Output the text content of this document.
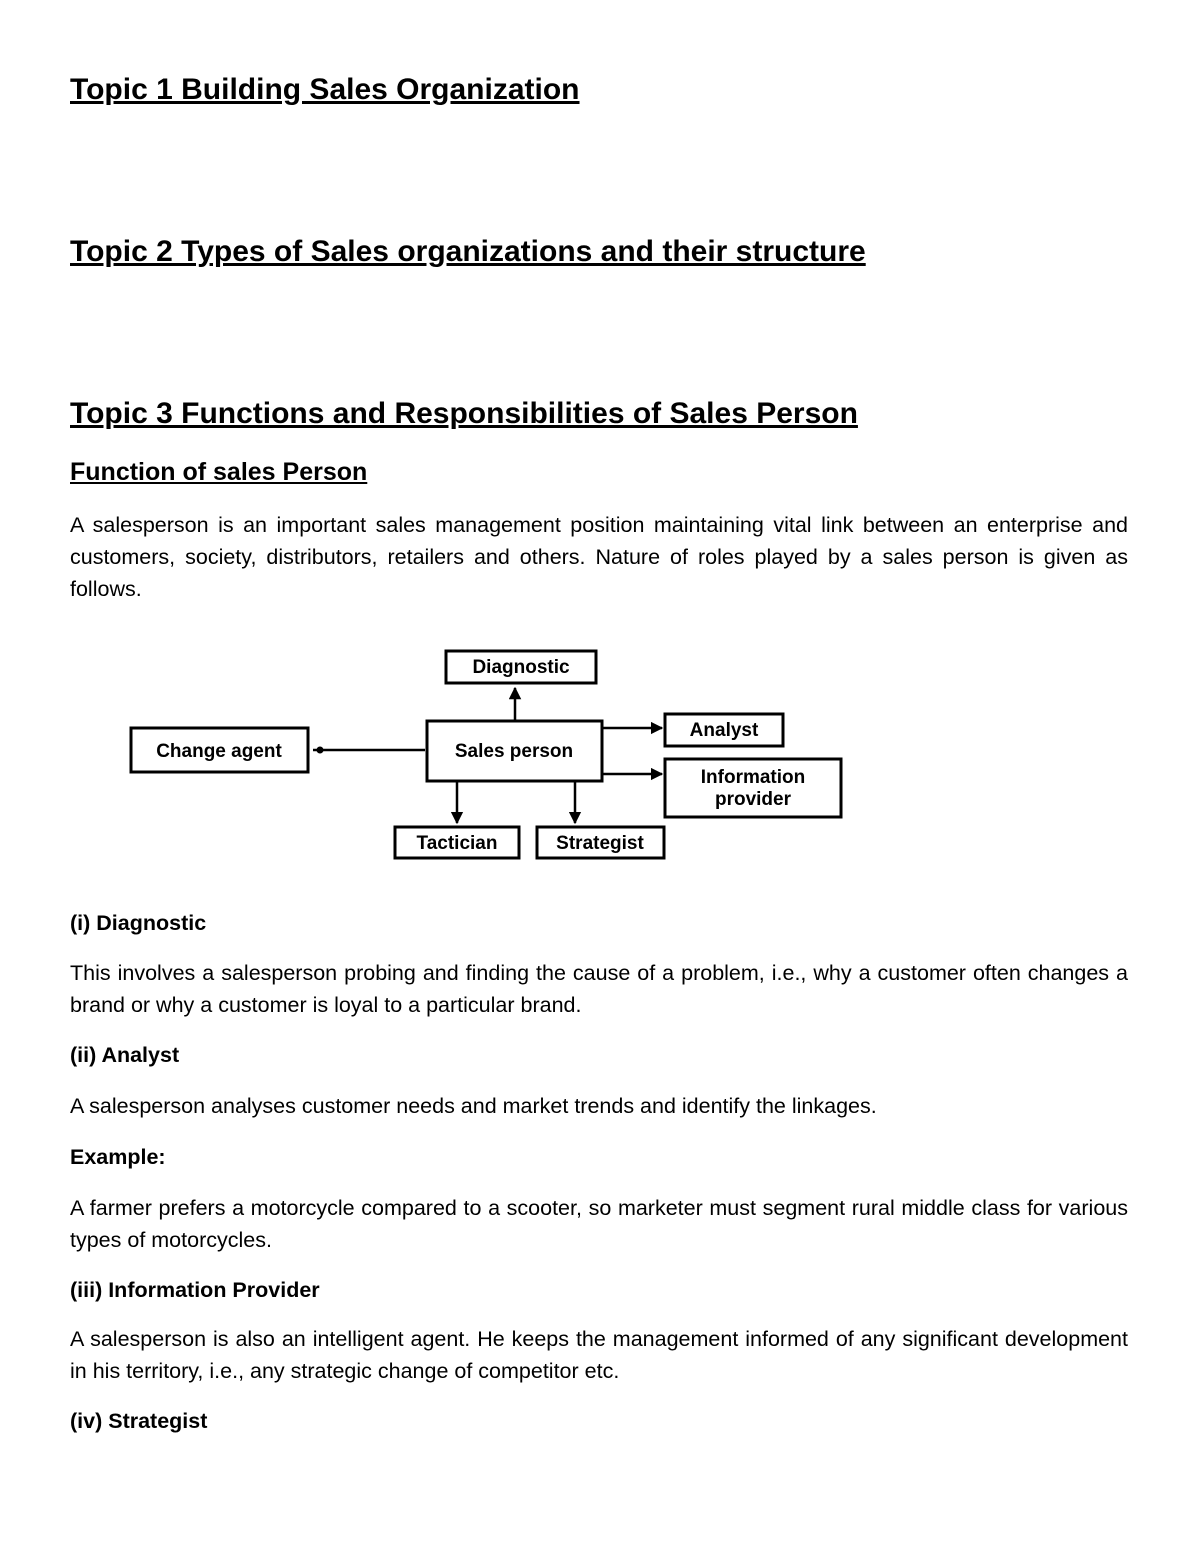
Topic 1 Building Sales Organization
Topic 2 Types of Sales organizations and their structure
Topic 3 Functions and Responsibilities of Sales Person
Function of sales Person

A salesperson is an important sales management position maintaining vital link between an enterprise and customers, society, distributors, retailers and others. Nature of roles played by a sales person is given as follows.

Diagnostic
Change agent	Sales person
Analyst
Information
provider
Tactician	Strategist

(i) Diagnostic

This involves a salesperson probing and finding the cause of a problem, i.e., why a customer often changes a brand or why a customer is loyal to a particular brand.

(ii) Analyst

A salesperson analyses customer needs and market trends and identify the linkages.

Example:

A farmer prefers a motorcycle compared to a scooter, so marketer must segment rural middle class for various types of motorcycles.

(iii) Information Provider

A salesperson is also an intelligent agent. He keeps the management informed of any significant development in his territory, i.e., any strategic change of competitor etc.

(iv) Strategist
